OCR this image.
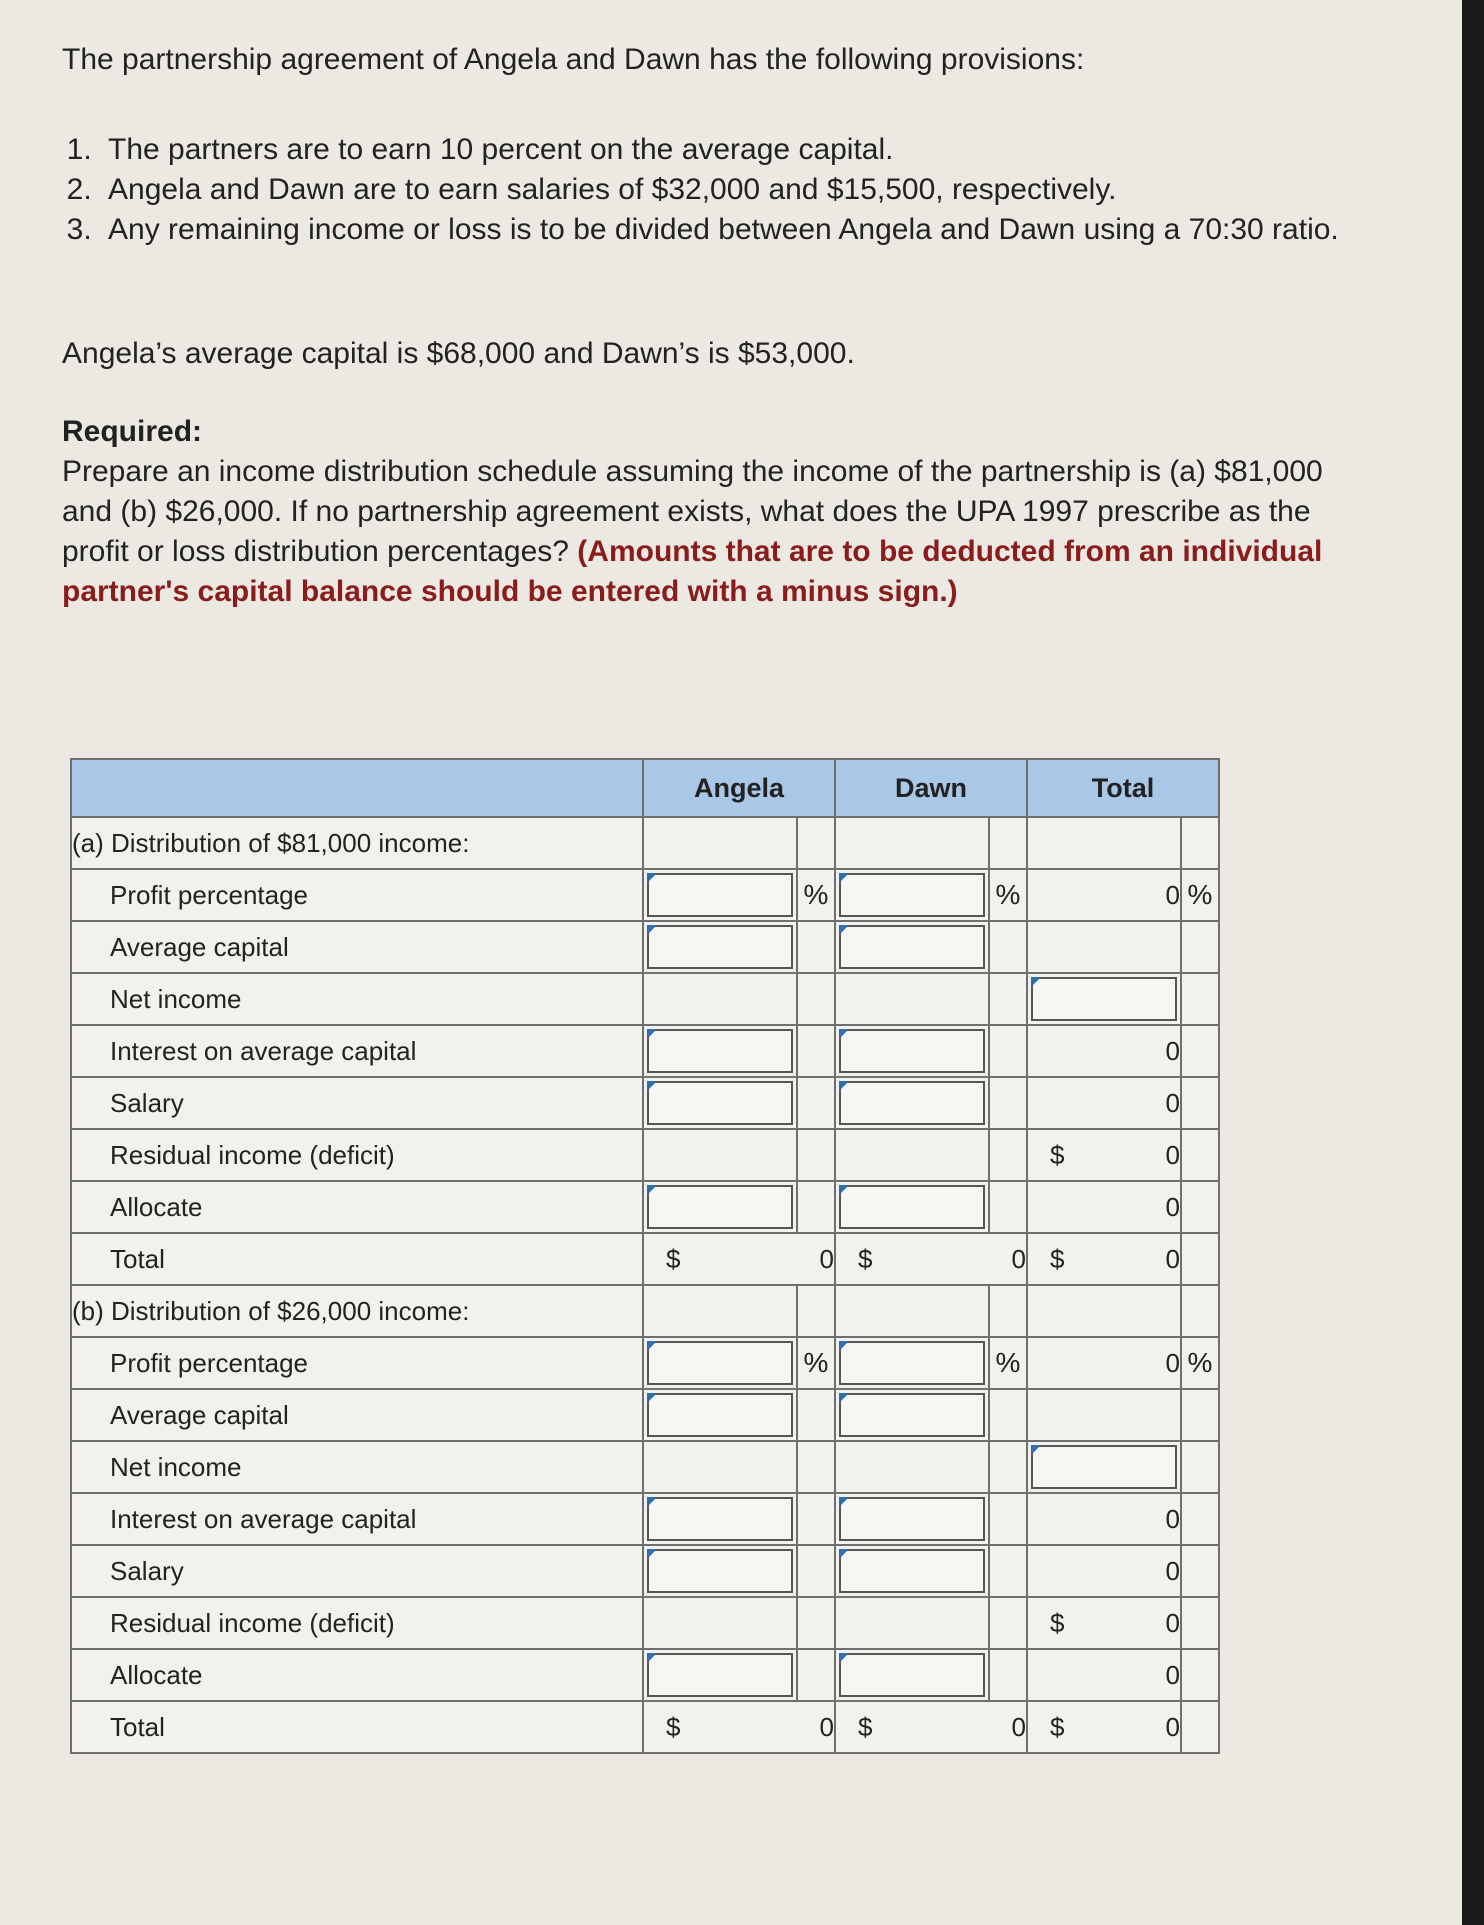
The partnership agreement of Angela and Dawn has the following provisions:

1. The partners are to earn 10 percent on the average capital.
2. Angela and Dawn are to earn salaries of $32,000 and $15,500, respectively.
3. Any remaining income or loss is to be divided between Angela and Dawn using a 70:30 ratio.

Angela’s average capital is $68,000 and Dawn’s is $53,000.

Required:

Prepare an income distribution schedule assuming the income of the partnership is (a) $81,000 and (b) $26,000. If no partnership agreement exists, what does the UPA 1997 prescribe as the profit or loss distribution percentages? (Amounts that are to be deducted from an individual partner's capital balance should be entered with a minus sign.)

	Angela		Dawn		Total	
(a) Distribution of $81,000 income:						
Profit percentage		%		%	0	%
Average capital	

Net income					

Interest on average capital					0	
Salary					0	
Residual income (deficit)					$ 0	
Allocate					0	
Total	$ 0		$ 0		$ 0	
(b) Distribution of $26,000 income:						
Profit percentage		%		%	0	%
Average capital	

Net income					

Interest on average capital					0	
Salary					0	
Residual income (deficit)					$ 0	
Allocate					0	
Total	$ 0		$ 0		$ 0	
